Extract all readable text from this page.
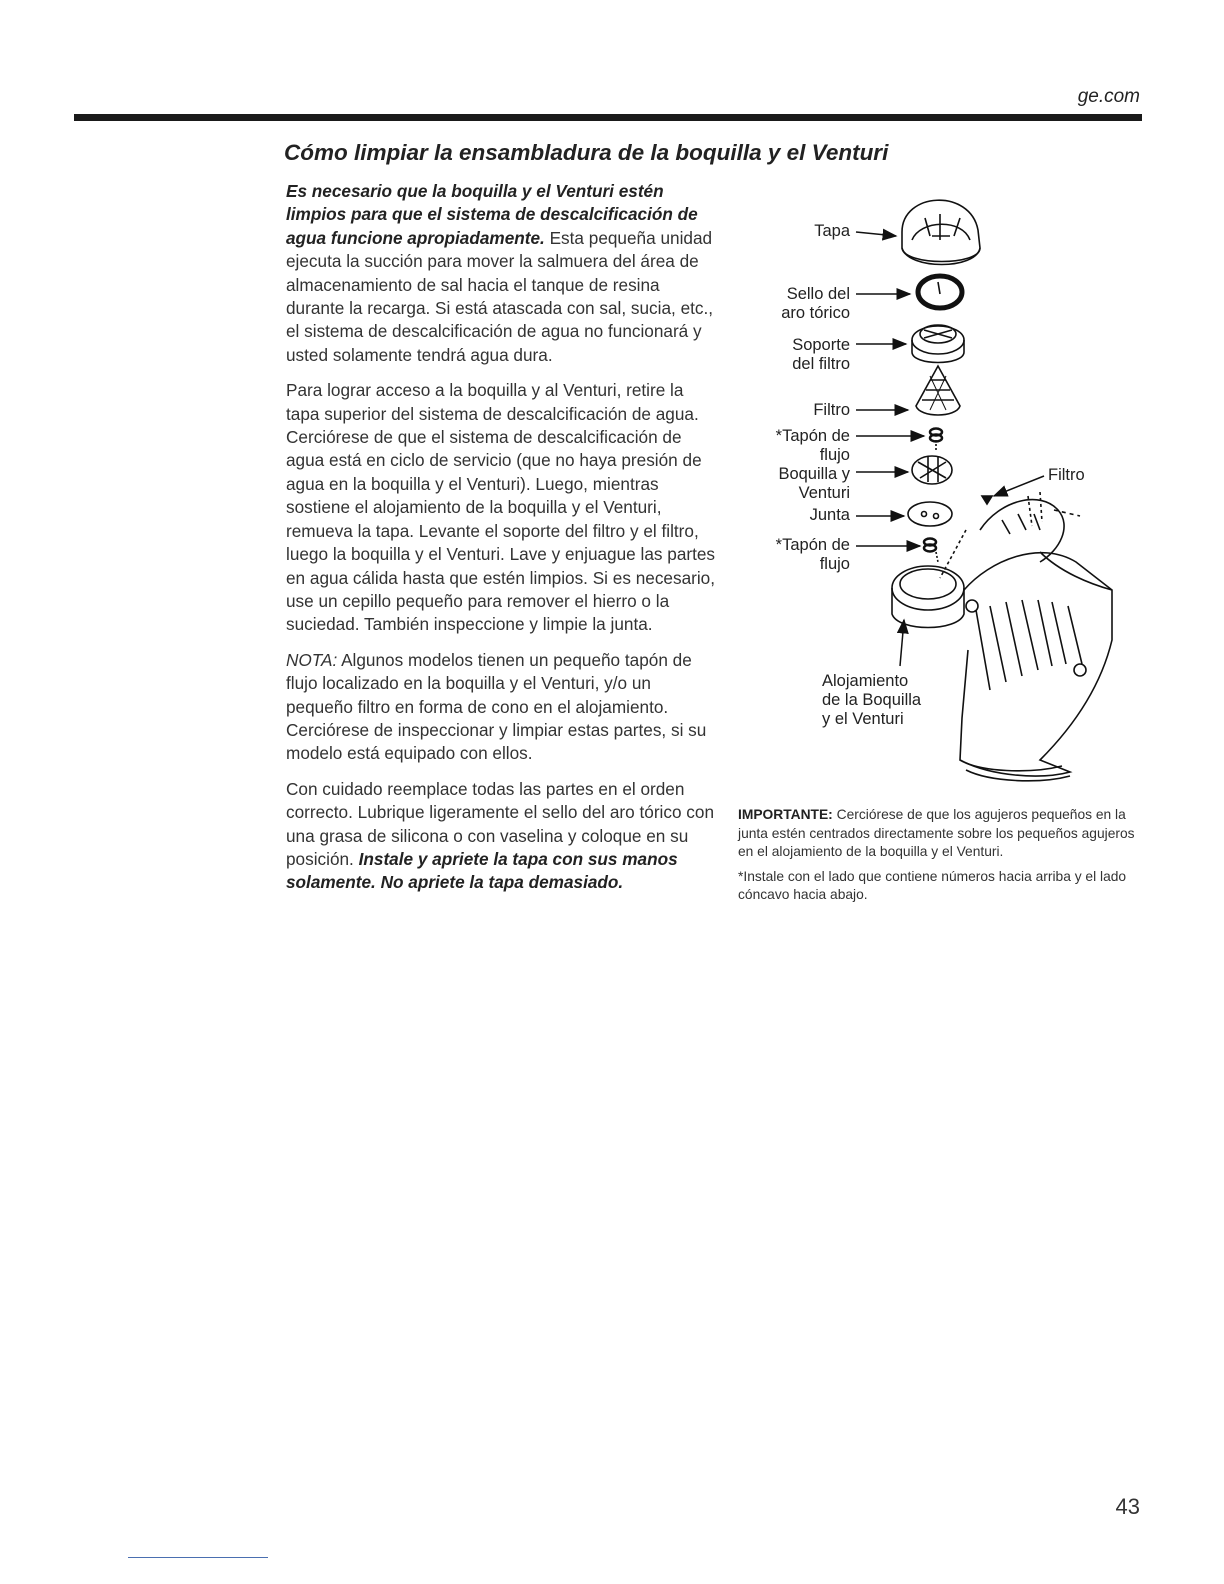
ge.com
Cómo limpiar la ensambladura de la boquilla y el Venturi

Es necesario que la boquilla y el Venturi estén limpios para que el sistema de descalcificación de agua funcione apropiadamente. Esta pequeña unidad ejecuta la succión para mover la salmuera del área de almacenamiento de sal hacia el tanque de resina durante la recarga. Si está atascada con sal, sucia, etc., el sistema de descalcificación de agua no funcionará y usted solamente tendrá agua dura.

Para lograr acceso a la boquilla y al Venturi, retire la tapa superior del sistema de descalcificación de agua. Cerciórese de que el sistema de descalcificación de agua está en ciclo de servicio (que no haya presión de agua en la boquilla y el Venturi). Luego, mientras sostiene el alojamiento de la boquilla y el Venturi, remueva la tapa. Levante el soporte del filtro y el filtro, luego la boquilla y el Venturi. Lave y enjuague las partes en agua cálida hasta que estén limpios. Si es necesario, use un cepillo pequeño para remover el hierro o la suciedad. También inspeccione y limpie la junta.

NOTA: Algunos modelos tienen un pequeño tapón de flujo localizado en la boquilla y el Venturi, y/o un pequeño filtro en forma de cono en el alojamiento. Cerciórese de inspeccionar y limpiar estas partes, si su modelo está equipado con ellos.

Con cuidado reemplace todas las partes en el orden correcto. Lubrique ligeramente el sello del aro tórico con una grasa de silicona o con vaselina y coloque en su posición. Instale y apriete la tapa con sus manos solamente. No apriete la tapa demasiado.

Tapa
Sello del
aro tórico
Soporte
del filtro
Filtro
*Tapón de
flujo
Boquilla y
Venturi
Junta
*Tapón de
flujo
Filtro
Alojamiento
de la Boquilla
y el Venturi

IMPORTANTE: Cerciórese de que los agujeros pequeños en la junta estén centrados directamente sobre los pequeños agujeros en el alojamiento de la boquilla y el Venturi.

*Instale con el lado que contiene números hacia arriba y el lado cóncavo hacia abajo.

43
